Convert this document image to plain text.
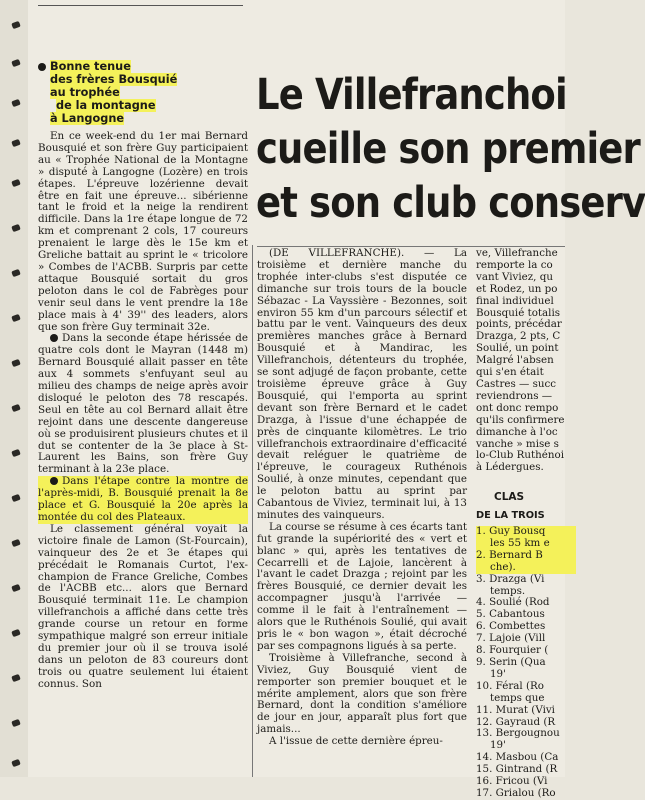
Bonne tenue
des frères Bousquié
au trophée
de la montagne
à Langogne

En ce week-end du 1er mai Bernard Bousquié et son frère Guy participaient au « Trophée National de la Montagne » disputé à Langogne (Lozère) en trois étapes. L'épreuve lozérienne devait être en fait une épreuve... sibérienne tant le froid et la neige la rendirent difficile. Dans la 1re étape longue de 72 km et comprenant 2 cols, 17 coureurs prenaient le large dès le 15e km et Greliche battait au sprint le « tricolore » Combes de l'ACBB. Surpris par cette attaque Bousquié sortait du gros peloton dans le col de Fabrèges pour venir seul dans le vent prendre la 18e place mais à 4' 39'' des leaders, alors que son frère Guy terminait 32e.

Dans la seconde étape hérissée de quatre cols dont le Mayran (1448 m) Bernard Bousquié allait passer en tête aux 4 sommets s'enfuyant seul au milieu des champs de neige après avoir disloqué le peloton des 78 rescapés. Seul en tête au col Bernard allait être rejoint dans une descente dangereuse où se produisirent plusieurs chutes et il dut se contenter de la 3e place à St-Laurent les Bains, son frère Guy terminant à la 23e place.

Dans l'étape contre la montre de l'après-midi, B. Bousquié prenait la 8e place et G. Bousquié la 20e après la montée du col des Plateaux.

Le classement général voyait la victoire finale de Lamon (St-Fourcain), vainqueur des 2e et 3e étapes qui précédait le Romanais Curtot, l'ex-champion de France Greliche, Combes de l'ACBB etc... alors que Bernard Bousquié terminait 11e. Le champion villefranchois a affiché dans cette très grande course un retour en forme sympathique malgré son erreur initiale du premier jour où il se trouva isolé dans un peloton de 83 coureurs dont trois ou quatre seulement lui étaient connus. Son

Le Villefranchoi
cueille son premier
et son club conserv

(DE VILLEFRANCHE). — La troisième et dernière manche du trophée inter-clubs s'est disputée ce dimanche sur trois tours de la boucle Sébazac - La Vayssière - Bezonnes, soit environ 55 km d'un parcours sélectif et battu par le vent. Vainqueurs des deux premières manches grâce à Bernard Bousquié et à Mandirac, les Villefranchois, détenteurs du trophée, se sont adjugé de façon probante, cette troisième épreuve grâce à Guy Bousquié, qui l'emporta au sprint devant son frère Bernard et le cadet Drazga, à l'issue d'une échappée de près de cinquante kilomètres. Le trio villefranchois extraordinaire d'efficacité devait reléguer le quatrième de l'épreuve, le courageux Ruthénois Soulié, à onze minutes, cependant que le peloton battu au sprint par Cabantous de Viviez, terminait lui, à 13 minutes des vainqueurs.

La course se résume à ces écarts tant fut grande la supériorité des « vert et blanc » qui, après les tentatives de Cecarrelli et de Lajoie, lancèrent à l'avant le cadet Drazga ; rejoint par les frères Bousquié, ce dernier devait les accompagner jusqu'à l'arrivée — comme il le fait à l'entraînement — alors que le Ruthénois Soulié, qui avait pris le « bon wagon », était décroché par ses compagnons ligués à sa perte.

Troisième à Villefranche, second à Viviez, Guy Bousquié vient de remporter son premier bouquet et le mérite amplement, alors que son frère Bernard, dont la condition s'améliore de jour en jour, apparaît plus fort que jamais...

A l'issue de cette dernière épreu-

ve, Villefranche

remporte la co

vant Viviez, qu

et Rodez, un po

final individuel

Bousquié totalis

points, précédar

Drazga, 2 pts, C

Soulié, un point

Malgré l'absen

qui s'en était

Castres — succ

reviendrons —

ont donc rempo

qu'ils confirmere

dimanche à l'oc

vanche » mise s

lo-Club Ruthénoi

à Lédergues.

CLAS
DE LA TROIS

1. Guy Bousq

les 55 km e

2. Bernard B

che).

3. Drazga (Vi

temps.

4. Soulié (Rod

5. Cabantous

6. Combettes

7. Lajoie (Vill

8. Fourquier (

9. Serin (Qua

19'

10. Féral (Ro

temps que

11. Murat (Vivi

12. Gayraud (R

13. Bergougnou

19'

14. Masbou (Ca

15. Gintrand (R

16. Fricou (Vi

17. Grialou (Ro
